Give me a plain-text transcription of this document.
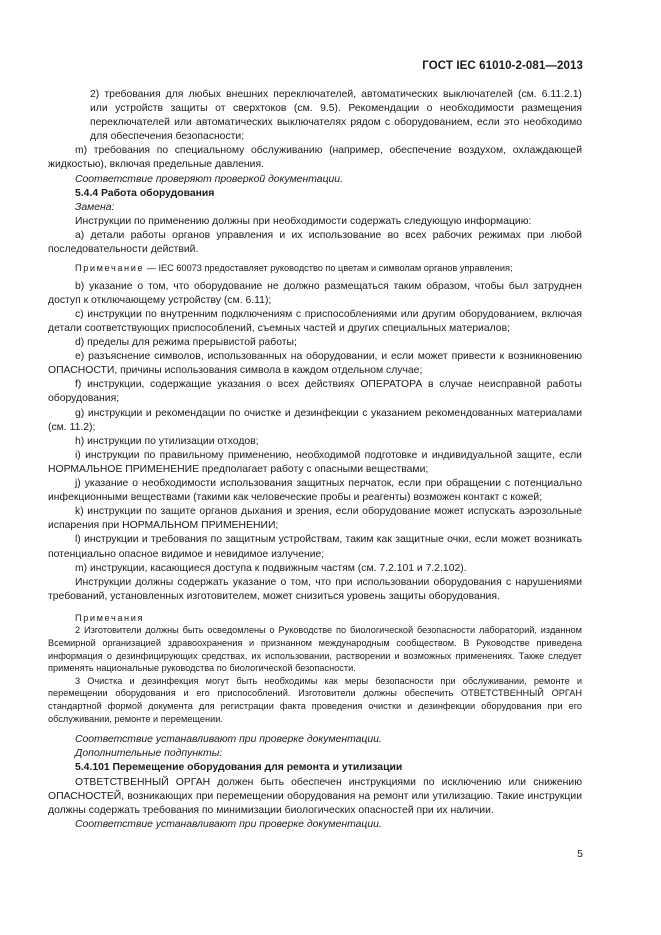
ГОСТ IEC 61010-2-081—2013

2) требования для любых внешних переключателей, автоматических выключателей (см. 6.11.2.1) или устройств защиты от сверхтоков (см. 9.5). Рекомендации о необходимости размещения переключателей или автоматических выключателях рядом с оборудованием, если это необходимо для обеспечения безопасности;

m) требования по специальному обслуживанию (например, обеспечение воздухом, охлаждающей жидкостью), включая предельные давления.

Соответствие проверяют проверкой документации.

5.4.4 Работа оборудования

Замена:

Инструкции по применению должны при необходимости содержать следующую информацию:

a) детали работы органов управления и их использование во всех рабочих режимах при любой последовательности действий.

Примечание — IEC 60073 предоставляет руководство по цветам и символам органов управления;

b) указание о том, что оборудование не должно размещаться таким образом, чтобы был затруднен доступ к отключающему устройству (см. 6.11);

c) инструкции по внутренним подключениям с приспособлениями или другим оборудованием, включая детали соответствующих приспособлений, съемных частей и других специальных материалов;

d) пределы для режима прерывистой работы;

e) разъяснение символов, использованных на оборудовании, и если может привести к возникновению ОПАСНОСТИ, причины использования символа в каждом отдельном случае;

f) инструкции, содержащие указания о всех действиях ОПЕРАТОРА в случае неисправной работы оборудования;

g) инструкции и рекомендации по очистке и дезинфекции с указанием рекомендованных материалами (см. 11.2);

h) инструкции по утилизации отходов;

i) инструкции по правильному применению, необходимой подготовке и индивидуальной защите, если НОРМАЛЬНОЕ ПРИМЕНЕНИЕ предполагает работу с опасными веществами;

j) указание о необходимости использования защитных перчаток, если при обращении с потенциально инфекционными веществами (такими как человеческие пробы и реагенты) возможен контакт с кожей;

k) инструкции по защите органов дыхания и зрения, если оборудование может испускать аэрозольные испарения при НОРМАЛЬНОМ ПРИМЕНЕНИИ;

l) инструкции и требования по защитным устройствам, таким как защитные очки, если может возникать потенциально опасное видимое и невидимое излучение;

m) инструкции, касающиеся доступа к подвижным частям (см. 7.2.101 и 7.2.102).

Инструкции должны содержать указание о том, что при использовании оборудования с нарушениями требований, установленных изготовителем, может снизиться уровень защиты оборудования.

Примечания

2 Изготовители должны быть осведомлены о Руководстве по биологической безопасности лабораторий, изданном Всемирной организацией здравоохранения и признанном международным сообществом. В Руководстве приведена информация о дезинфицирующих средствах, их использовании, растворении и возможных применениях. Также следует применять национальные руководства по биологической безопасности.

3 Очистка и дезинфекция могут быть необходимы как меры безопасности при обслуживании, ремонте и перемещении оборудования и его приспособлений. Изготовители должны обеспечить ОТВЕТСТВЕННЫЙ ОРГАН стандартной формой документа для регистрации факта проведения очистки и дезинфекции оборудования при его обслуживании, ремонте и перемещении.

Соответствие устанавливают при проверке документации.

Дополнительные подпункты:

5.4.101 Перемещение оборудования для ремонта и утилизации

ОТВЕТСТВЕННЫЙ ОРГАН должен быть обеспечен инструкциями по исключению или снижению ОПАСНОСТЕЙ, возникающих при перемещении оборудования на ремонт или утилизацию. Такие инструкции должны содержать требования по минимизации биологических опасностей при их наличии.

Соответствие устанавливают при проверке документации.

5
